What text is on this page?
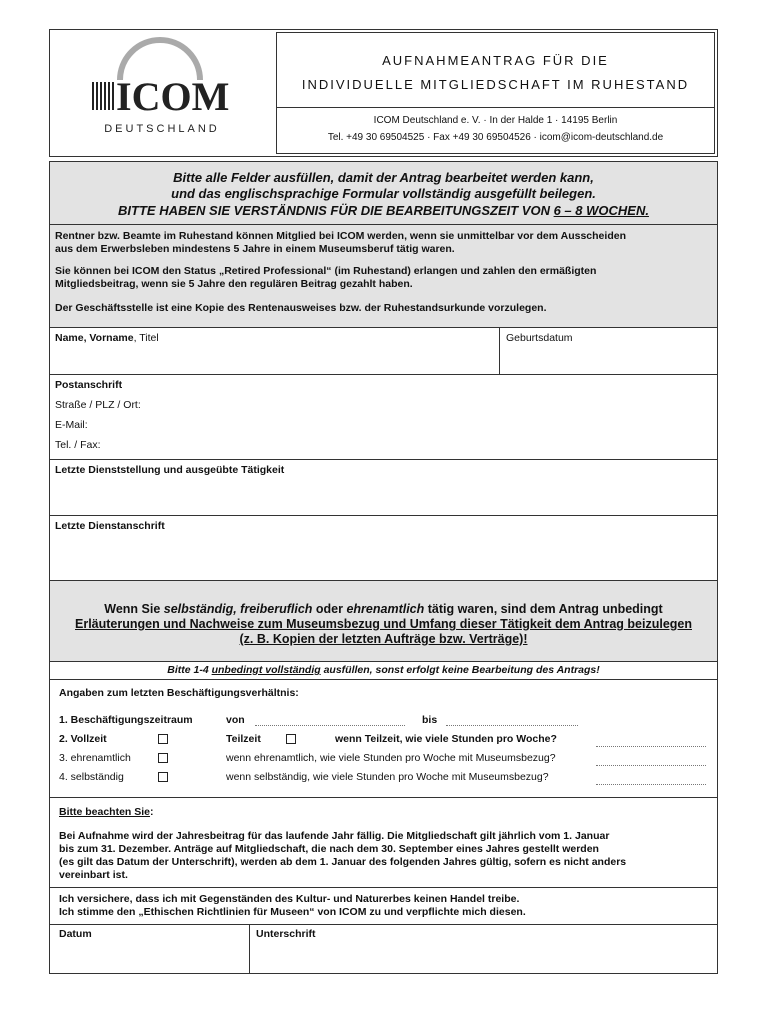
ICOM
DEUTSCHLAND
AUFNAHMEANTRAG FÜR DIE
INDIVIDUELLE MITGLIEDSCHAFT IM RUHESTAND
ICOM Deutschland e. V. · In der Halde 1 · 14195 Berlin
Tel. +49 30 69504525 · Fax +49 30 69504526 · icom@icom-deutschland.de
Bitte alle Felder ausfüllen, damit der Antrag bearbeitet werden kann,
und das englischsprachige Formular vollständig ausgefüllt beilegen.
BITTE HABEN SIE VERSTÄNDNIS FÜR DIE BEARBEITUNGSZEIT VON 6 – 8 WOCHEN.
Rentner bzw. Beamte im Ruhestand können Mitglied bei ICOM werden, wenn sie unmittelbar vor dem Ausscheiden
aus dem Erwerbsleben mindestens 5 Jahre in einem Museumsberuf tätig waren.
Sie können bei ICOM den Status „Retired Professional“ (im Ruhestand) erlangen und zahlen den ermäßigten
Mitgliedsbeitrag, wenn sie 5 Jahre den regulären Beitrag gezahlt haben.
Der Geschäftsstelle ist eine Kopie des Rentenausweises bzw. der Ruhestandsurkunde vorzulegen.
Name, Vorname, Titel	Geburtsdatum
Postanschrift
Straße / PLZ / Ort:
E-Mail:
Tel. / Fax:
Letzte Dienststellung und ausgeübte Tätigkeit
Letzte Dienstanschrift
Wenn Sie selbständig, freiberuflich oder ehrenamtlich tätig waren, sind dem Antrag unbedingt
Erläuterungen und Nachweise zum Museumsbezug und Umfang dieser Tätigkeit dem Antrag beizulegen
(z. B. Kopien der letzten Aufträge bzw. Verträge)!
Bitte 1-4 unbedingt vollständig ausfüllen, sonst erfolgt keine Bearbeitung des Antrags!
Angaben zum letzten Beschäftigungsverhältnis:
1. Beschäftigungszeitraum	von	bis
2. Vollzeit	Teilzeit	wenn Teilzeit, wie viele Stunden pro Woche?
3. ehrenamtlich	wenn ehrenamtlich, wie viele Stunden pro Woche mit Museumsbezug?
4. selbständig	wenn selbständig, wie viele Stunden pro Woche mit Museumsbezug?
Bitte beachten Sie:
Bei Aufnahme wird der Jahresbeitrag für das laufende Jahr fällig. Die Mitgliedschaft gilt jährlich vom 1. Januar
bis zum 31. Dezember. Anträge auf Mitgliedschaft, die nach dem 30. September eines Jahres gestellt werden
(es gilt das Datum der Unterschrift), werden ab dem 1. Januar des folgenden Jahres gültig, sofern es nicht anders
vereinbart ist.
Ich versichere, dass ich mit Gegenständen des Kultur- und Naturerbes keinen Handel treibe.
Ich stimme den „Ethischen Richtlinien für Museen“ von ICOM zu und verpflichte mich diesen.
Datum	Unterschrift
